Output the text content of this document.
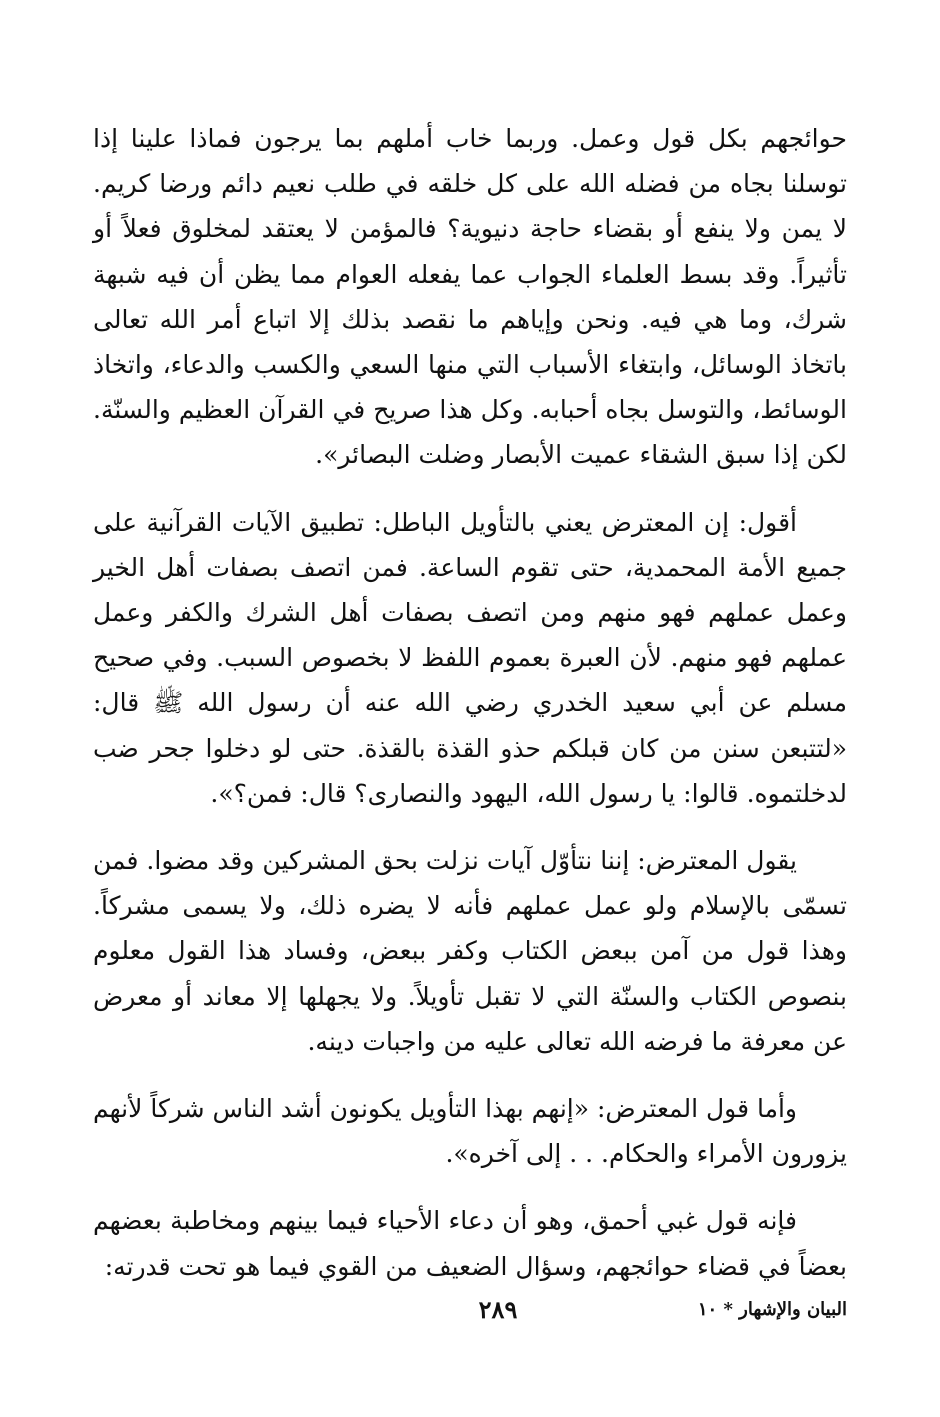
حوائجهم بكل قول وعمل. وربما خاب أملهم بما يرجون فماذا علينا إذا توسلنا بجاه من فضله الله على كل خلقه في طلب نعيم دائم ورضا كريم. لا يمن ولا ينفع أو بقضاء حاجة دنيوية؟ فالمؤمن لا يعتقد لمخلوق فعلاً أو تأثيراً. وقد بسط العلماء الجواب عما يفعله العوام مما يظن أن فيه شبهة شرك، وما هي فيه. ونحن وإياهم ما نقصد بذلك إلا اتباع أمر الله تعالى باتخاذ الوسائل، وابتغاء الأسباب التي منها السعي والكسب والدعاء، واتخاذ الوسائط، والتوسل بجاه أحبابه. وكل هذا صريح في القرآن العظيم والسنّة. لكن إذا سبق الشقاء عميت الأبصار وضلت البصائر».

أقول: إن المعترض يعني بالتأويل الباطل: تطبيق الآيات القرآنية على جميع الأمة المحمدية، حتى تقوم الساعة. فمن اتصف بصفات أهل الخير وعمل عملهم فهو منهم ومن اتصف بصفات أهل الشرك والكفر وعمل عملهم فهو منهم. لأن العبرة بعموم اللفظ لا بخصوص السبب. وفي صحيح مسلم عن أبي سعيد الخدري رضي الله عنه أن رسول الله ﷺ قال: «لتتبعن سنن من كان قبلكم حذو القذة بالقذة. حتى لو دخلوا جحر ضب لدخلتموه. قالوا: يا رسول الله، اليهود والنصارى؟ قال: فمن؟».

يقول المعترض: إننا نتأوّل آيات نزلت بحق المشركين وقد مضوا. فمن تسمّى بالإسلام ولو عمل عملهم فأنه لا يضره ذلك، ولا يسمى مشركاً. وهذا قول من آمن ببعض الكتاب وكفر ببعض، وفساد هذا القول معلوم بنصوص الكتاب والسنّة التي لا تقبل تأويلاً. ولا يجهلها إلا معاند أو معرض عن معرفة ما فرضه الله تعالى عليه من واجبات دينه.

وأما قول المعترض: «إنهم بهذا التأويل يكونون أشد الناس شركاً لأنهم يزورون الأمراء والحكام. . . إلى آخره».

فإنه قول غبي أحمق، وهو أن دعاء الأحياء فيما بينهم ومخاطبة بعضهم بعضاً في قضاء حوائجهم، وسؤال الضعيف من القوي فيما هو تحت قدرته:

٢٨٩	البيان والإشهار * ١٠
